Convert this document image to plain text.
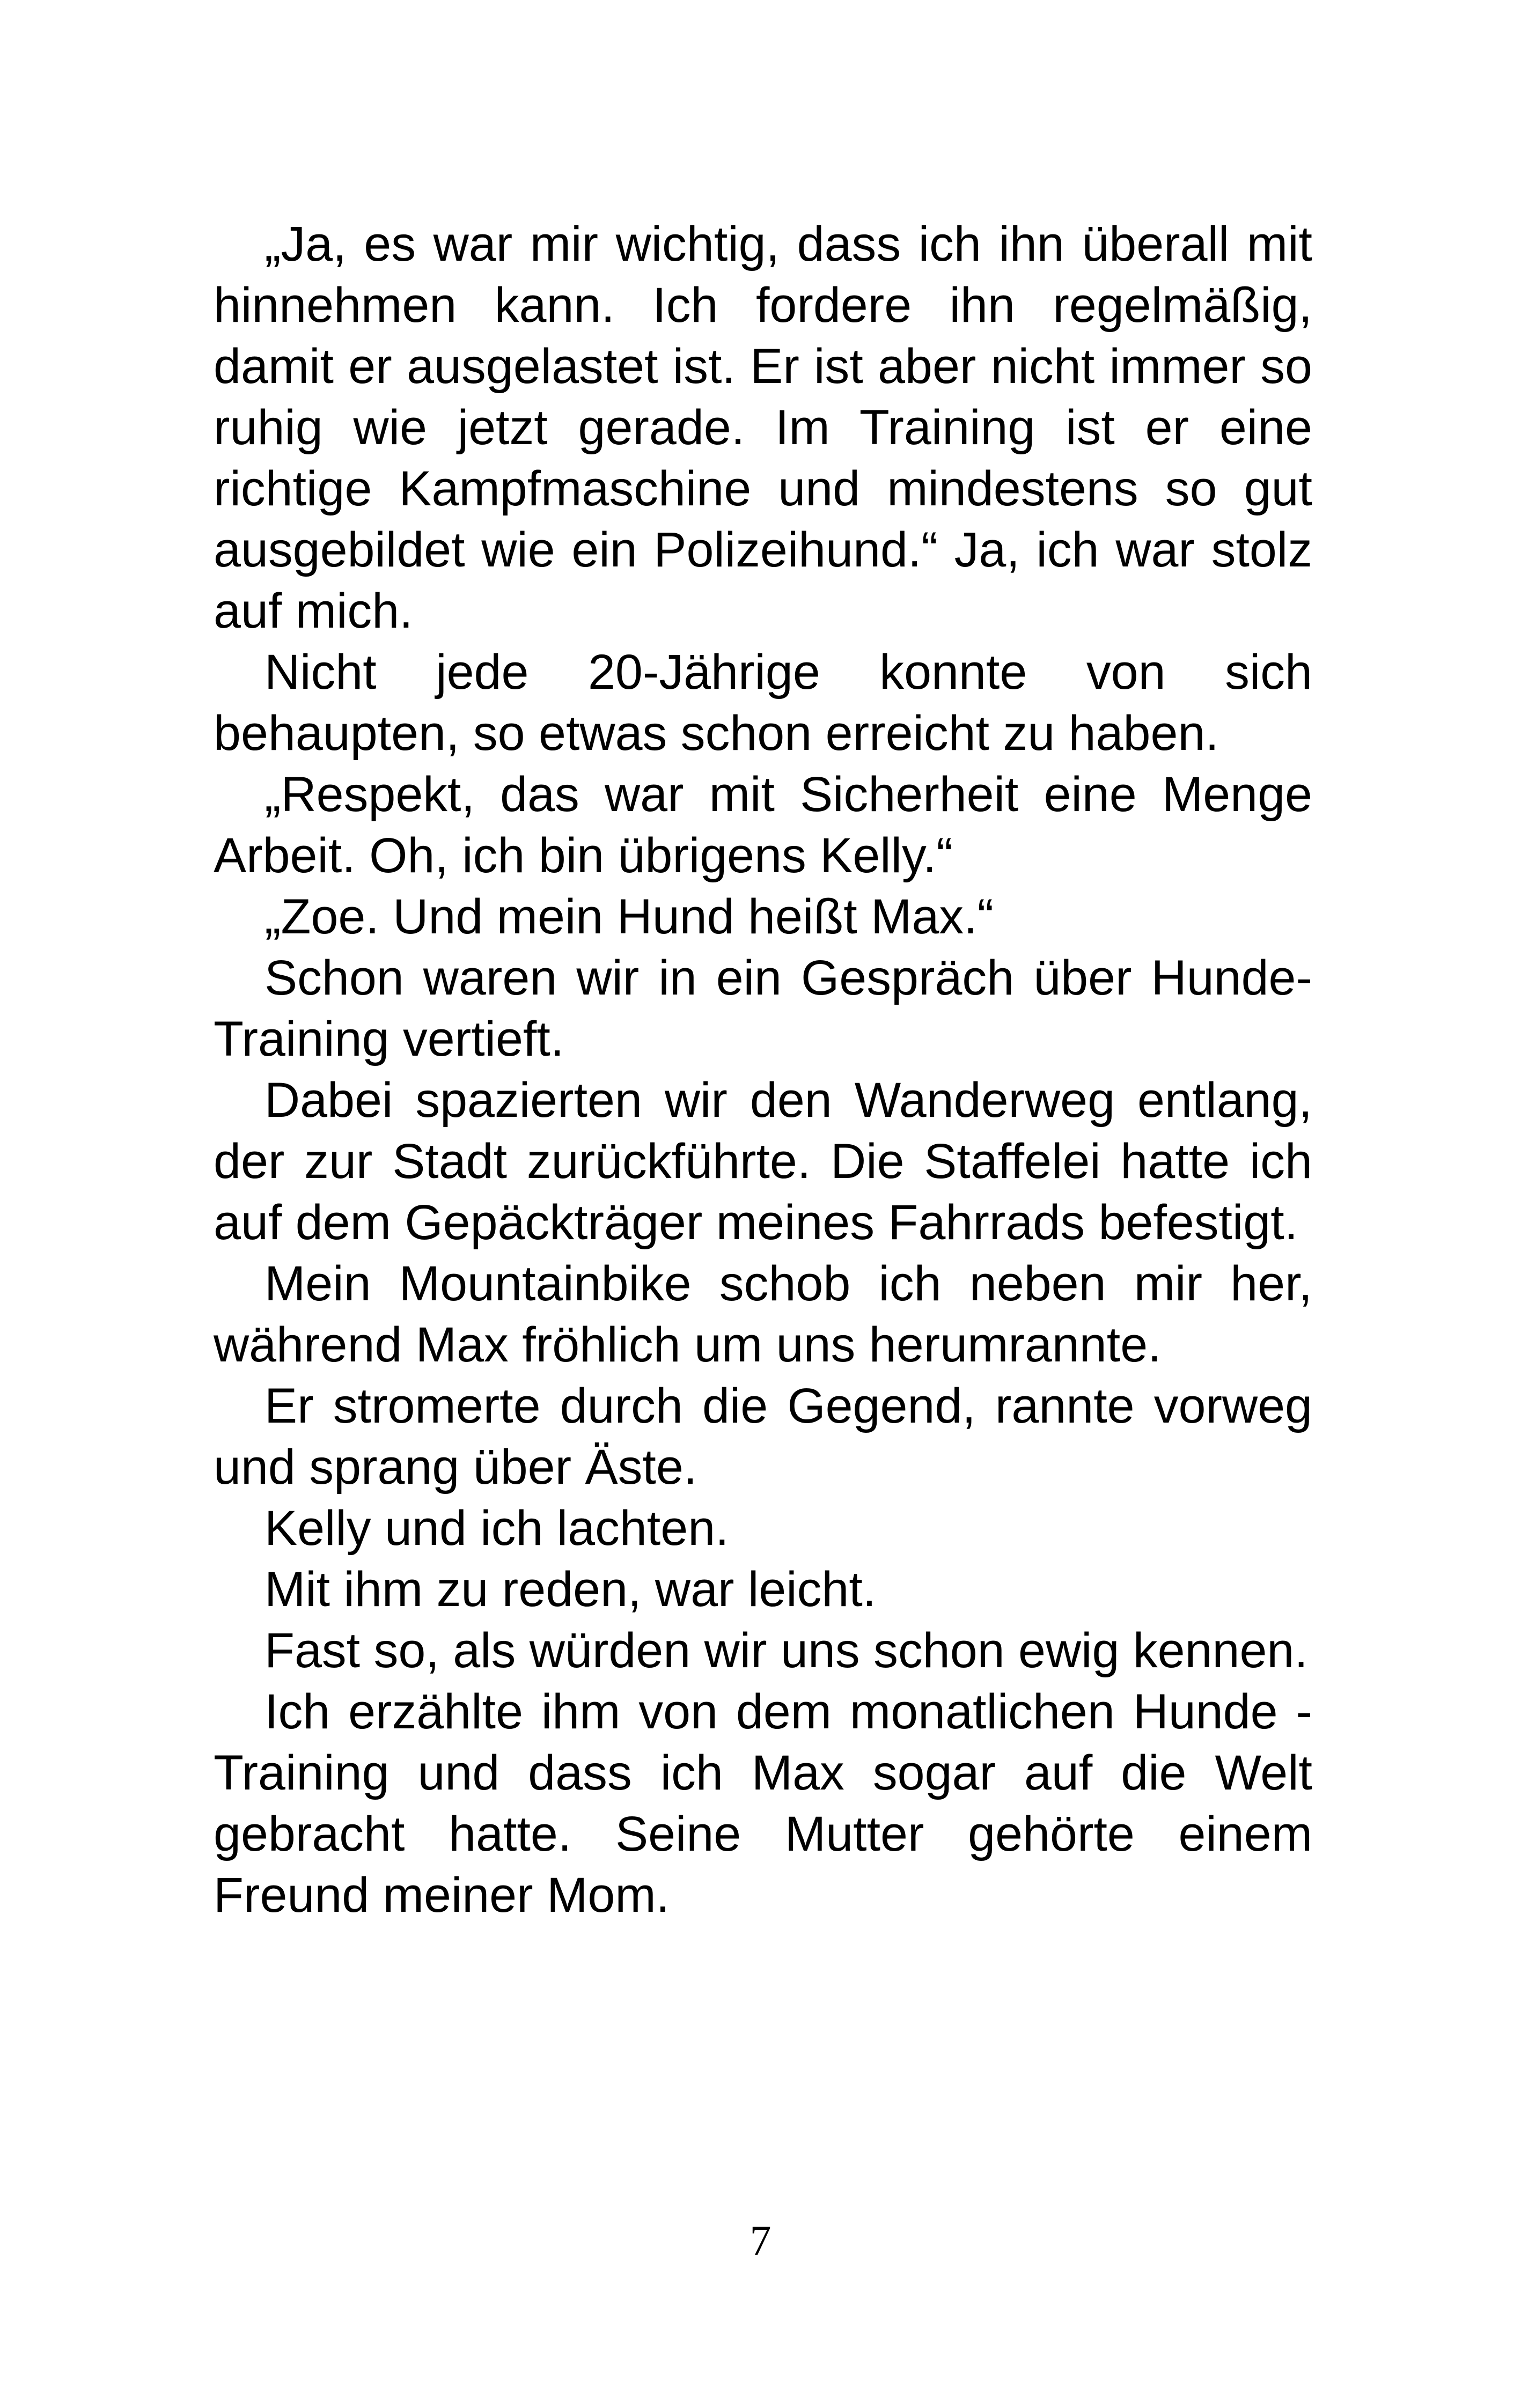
„Ja, es war mir wichtig, dass ich ihn überall mit hinnehmen kann. Ich fordere ihn regelmäßig, damit er ausgelastet ist. Er ist aber nicht immer so ruhig wie jetzt gerade. Im Training ist er eine richtige Kampfmaschine und mindestens so gut ausgebildet wie ein Polizeihund.“ Ja, ich war stolz auf mich.

Nicht jede 20-Jährige konnte von sich behaupten, so etwas schon erreicht zu haben.

„Respekt, das war mit Sicherheit eine Menge Arbeit. Oh, ich bin übrigens Kelly.“

„Zoe. Und mein Hund heißt Max.“

Schon waren wir in ein Gespräch über Hunde-Training vertieft.

Dabei spazierten wir den Wanderweg entlang, der zur Stadt zurückführte. Die Staffelei hatte ich auf dem Gepäckträger meines Fahrrads befestigt.

Mein Mountainbike schob ich neben mir her, während Max fröhlich um uns herumrannte.

Er stromerte durch die Gegend, rannte vorweg und sprang über Äste.

Kelly und ich lachten.

Mit ihm zu reden, war leicht.

Fast so, als würden wir uns schon ewig kennen.

Ich erzählte ihm von dem monatlichen Hunde -Training und dass ich Max sogar auf die Welt gebracht hatte. Seine Mutter gehörte einem Freund meiner Mom.

7
